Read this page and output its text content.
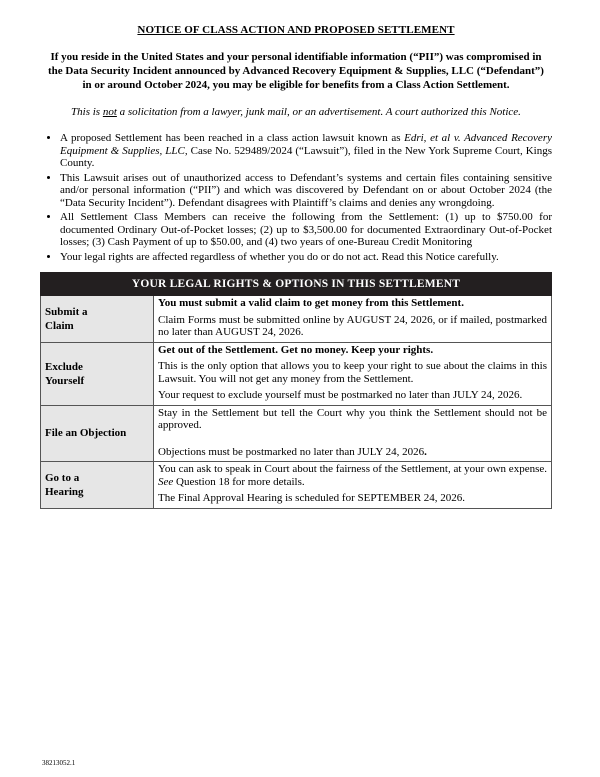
NOTICE OF CLASS ACTION AND PROPOSED SETTLEMENT

If you reside in the United States and your personal identifiable information (“PII”) was compromised in the Data Security Incident announced by Advanced Recovery Equipment & Supplies, LLC (“Defendant”) in or around October 2024, you may be eligible for benefits from a Class Action Settlement.

This is not a solicitation from a lawyer, junk mail, or an advertisement. A court authorized this Notice.

• A proposed Settlement has been reached in a class action lawsuit known as Edri, et al v. Advanced Recovery Equipment & Supplies, LLC, Case No. 529489/2024 (“Lawsuit”), filed in the New York Supreme Court, Kings County.
• This Lawsuit arises out of unauthorized access to Defendant’s systems and certain files containing sensitive and/or personal information (“PII”) and which was discovered by Defendant on or about October 2024 (the “Data Security Incident”). Defendant disagrees with Plaintiff’s claims and denies any wrongdoing.
• All Settlement Class Members can receive the following from the Settlement: (1) up to $750.00 for documented Ordinary Out-of-Pocket losses; (2) up to $3,500.00 for documented Extraordinary Out-of-Pocket losses; (3) Cash Payment of up to $50.00, and (4) two years of one-Bureau Credit Monitoring
• Your legal rights are affected regardless of whether you do or do not act. Read this Notice carefully.
YOUR LEGAL RIGHTS & OPTIONS IN THIS SETTLEMENT	
Submit a
Claim	You must submit a valid claim to get money from this Settlement.
Claim Forms must be submitted online by AUGUST 24, 2026, or if mailed, postmarked no later than AUGUST 24, 2026.

Exclude
Yourself	Get out of the Settlement. Get no money. Keep your rights.
This is the only option that allows you to keep your right to sue about the claims in this Lawsuit. You will not get any money from the Settlement.
Your request to exclude yourself must be postmarked no later than JULY 24, 2026.

File an Objection	Stay in the Settlement but tell the Court why you think the Settlement should not be approved.
Objections must be postmarked no later than JULY 24, 2026.

Go to a
Hearing	You can ask to speak in Court about the fairness of the Settlement, at your own expense. See Question 18 for more details.
The Final Approval Hearing is scheduled for SEPTEMBER 24, 2026.
38213052.1
